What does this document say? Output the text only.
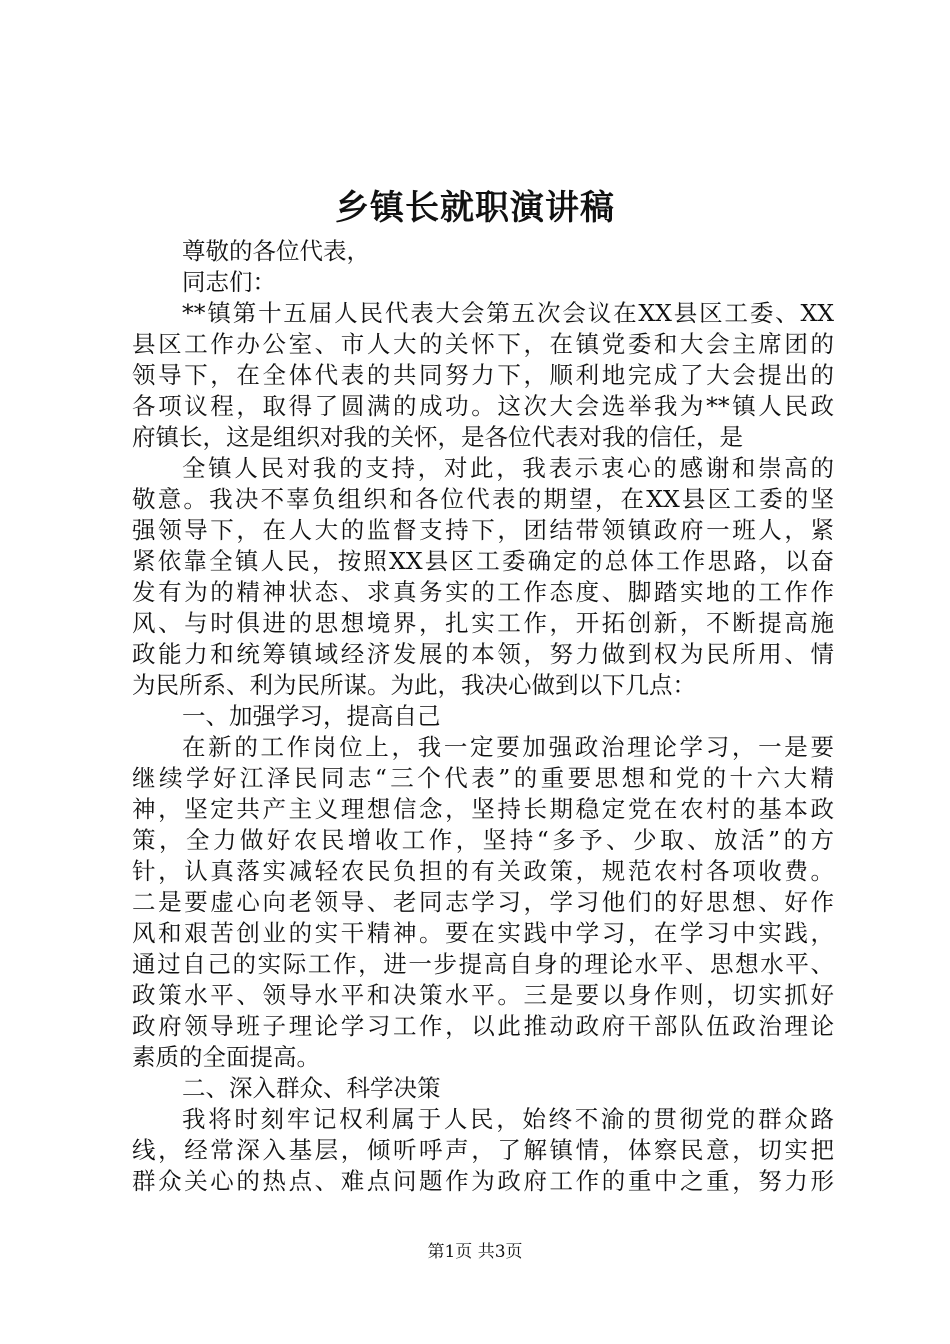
乡镇长就职演讲稿
尊敬的各位代表，
同志们：
**镇第十五届人民代表大会第五次会议在XX县区工委、XX
县区工作办公室、市人大的关怀下，在镇党委和大会主席团的
领导下，在全体代表的共同努力下，顺利地完成了大会提出的
各项议程，取得了圆满的成功。这次大会选举我为**镇人民政
府镇长，这是组织对我的关怀，是各位代表对我的信任，是
全镇人民对我的支持，对此，我表示衷心的感谢和崇高的
敬意。我决不辜负组织和各位代表的期望，在XX县区工委的坚
强领导下，在人大的监督支持下，团结带领镇政府一班人，紧
紧依靠全镇人民，按照XX县区工委确定的总体工作思路，以奋
发有为的精神状态、求真务实的工作态度、脚踏实地的工作作
风、与时俱进的思想境界，扎实工作，开拓创新，不断提高施
政能力和统筹镇域经济发展的本领，努力做到权为民所用、情
为民所系、利为民所谋。为此，我决心做到以下几点：
一、加强学习，提高自己
在新的工作岗位上，我一定要加强政治理论学习，一是要
继续学好江泽民同志“三个代表”的重要思想和党的十六大精
神，坚定共产主义理想信念，坚持长期稳定党在农村的基本政
策，全力做好农民增收工作，坚持“多予、少取、放活”的方
针，认真落实减轻农民负担的有关政策，规范农村各项收费。
二是要虚心向老领导、老同志学习，学习他们的好思想、好作
风和艰苦创业的实干精神。要在实践中学习，在学习中实践，
通过自己的实际工作，进一步提高自身的理论水平、思想水平、
政策水平、领导水平和决策水平。三是要以身作则，切实抓好
政府领导班子理论学习工作，以此推动政府干部队伍政治理论
素质的全面提高。
二、深入群众、科学决策
我将时刻牢记权利属于人民，始终不渝的贯彻党的群众路
线，经常深入基层，倾听呼声，了解镇情，体察民意，切实把
群众关心的热点、难点问题作为政府工作的重中之重，努力形
第1页 共3页
